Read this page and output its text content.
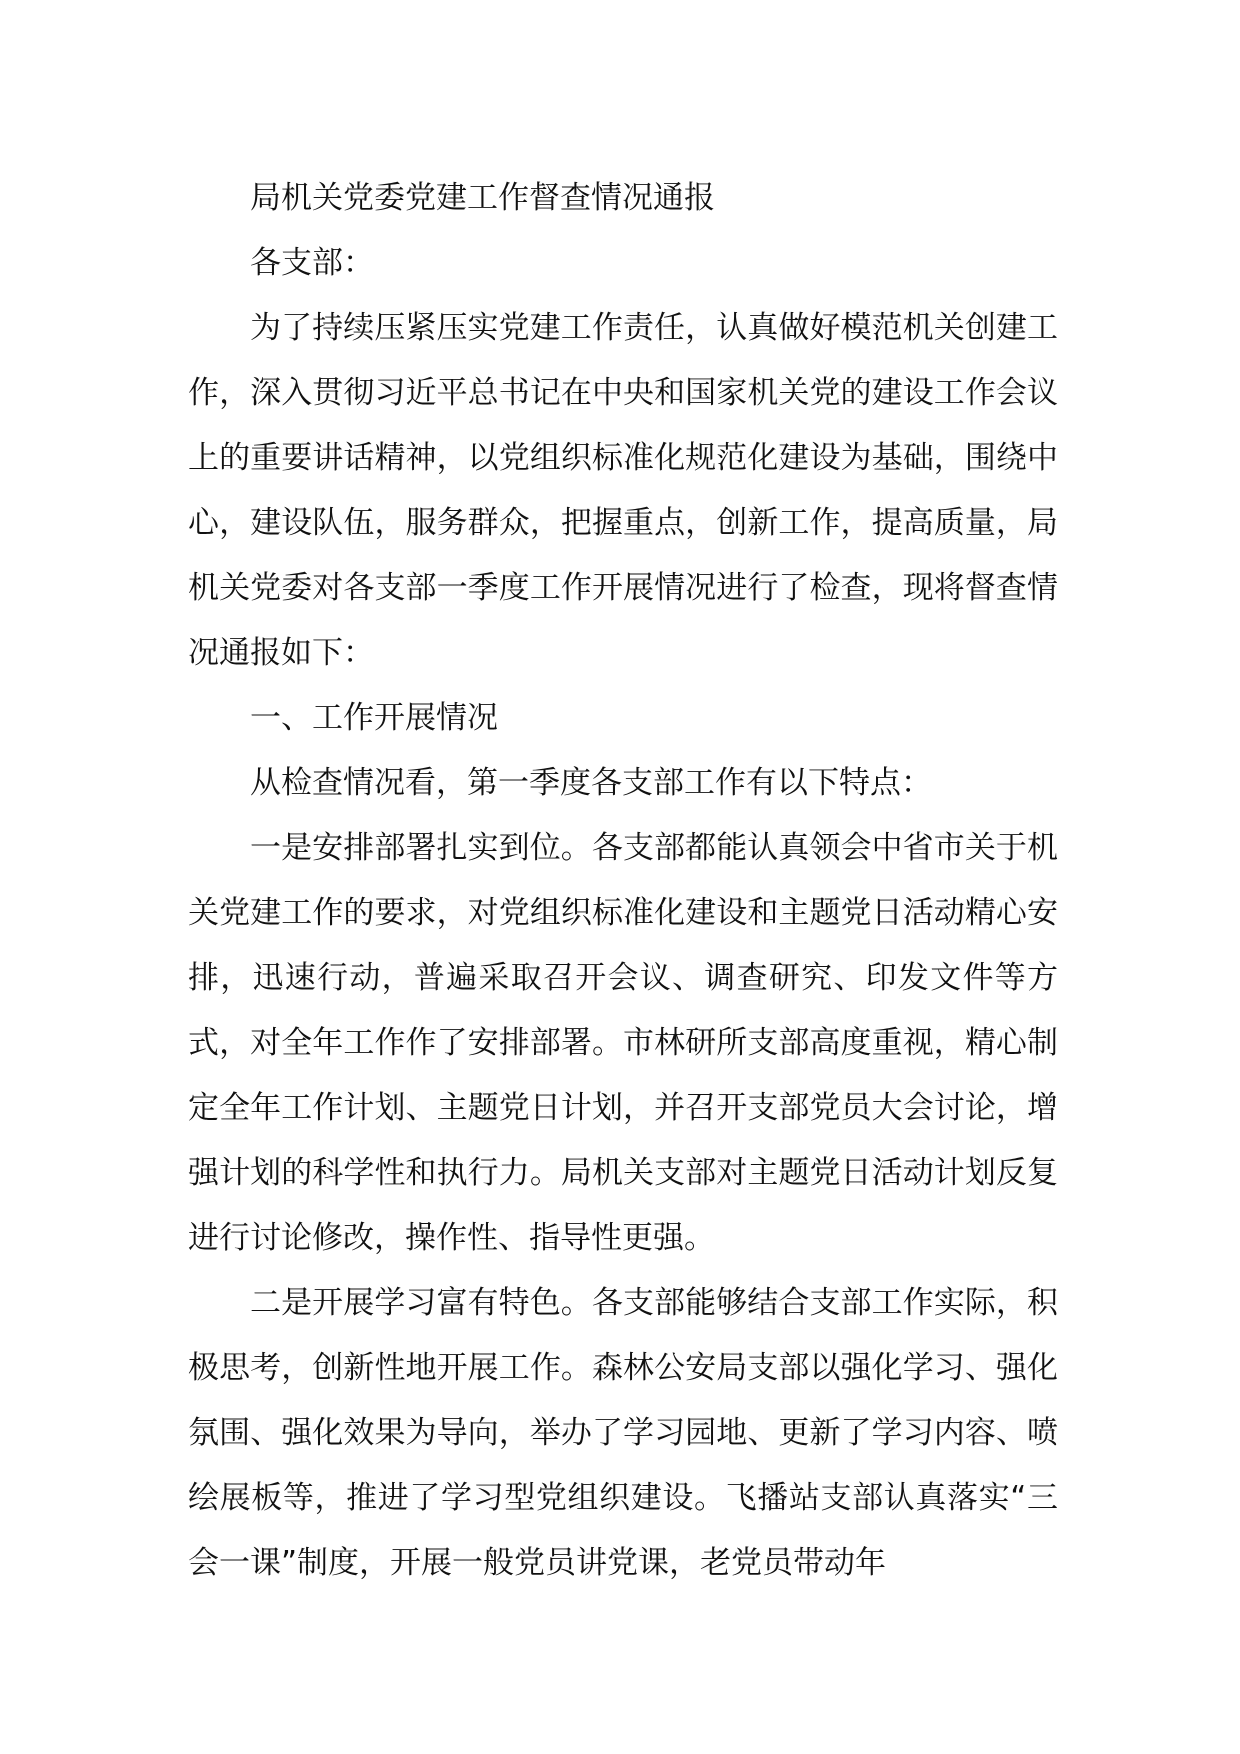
局机关党委党建工作督查情况通报

各支部：

为了持续压紧压实党建工作责任，认真做好模范机关创建工作，深入贯彻习近平总书记在中央和国家机关党的建设工作会议上的重要讲话精神，以党组织标准化规范化建设为基础，围绕中心，建设队伍，服务群众，把握重点，创新工作，提高质量，局机关党委对各支部一季度工作开展情况进行了检查，现将督查情况通报如下：

一、工作开展情况

从检查情况看，第一季度各支部工作有以下特点：

一是安排部署扎实到位。各支部都能认真领会中省市关于机关党建工作的要求，对党组织标准化建设和主题党日活动精心安排，迅速行动，普遍采取召开会议、调查研究、印发文件等方式，对全年工作作了安排部署。市林研所支部高度重视，精心制定全年工作计划、主题党日计划，并召开支部党员大会讨论，增强计划的科学性和执行力。局机关支部对主题党日活动计划反复进行讨论修改，操作性、指导性更强。

二是开展学习富有特色。各支部能够结合支部工作实际，积极思考，创新性地开展工作。森林公安局支部以强化学习、强化氛围、强化效果为导向，举办了学习园地、更新了学习内容、喷绘展板等，推进了学习型党组织建设。飞播站支部认真落实“三会一课”制度，开展一般党员讲党课，老党员带动年
